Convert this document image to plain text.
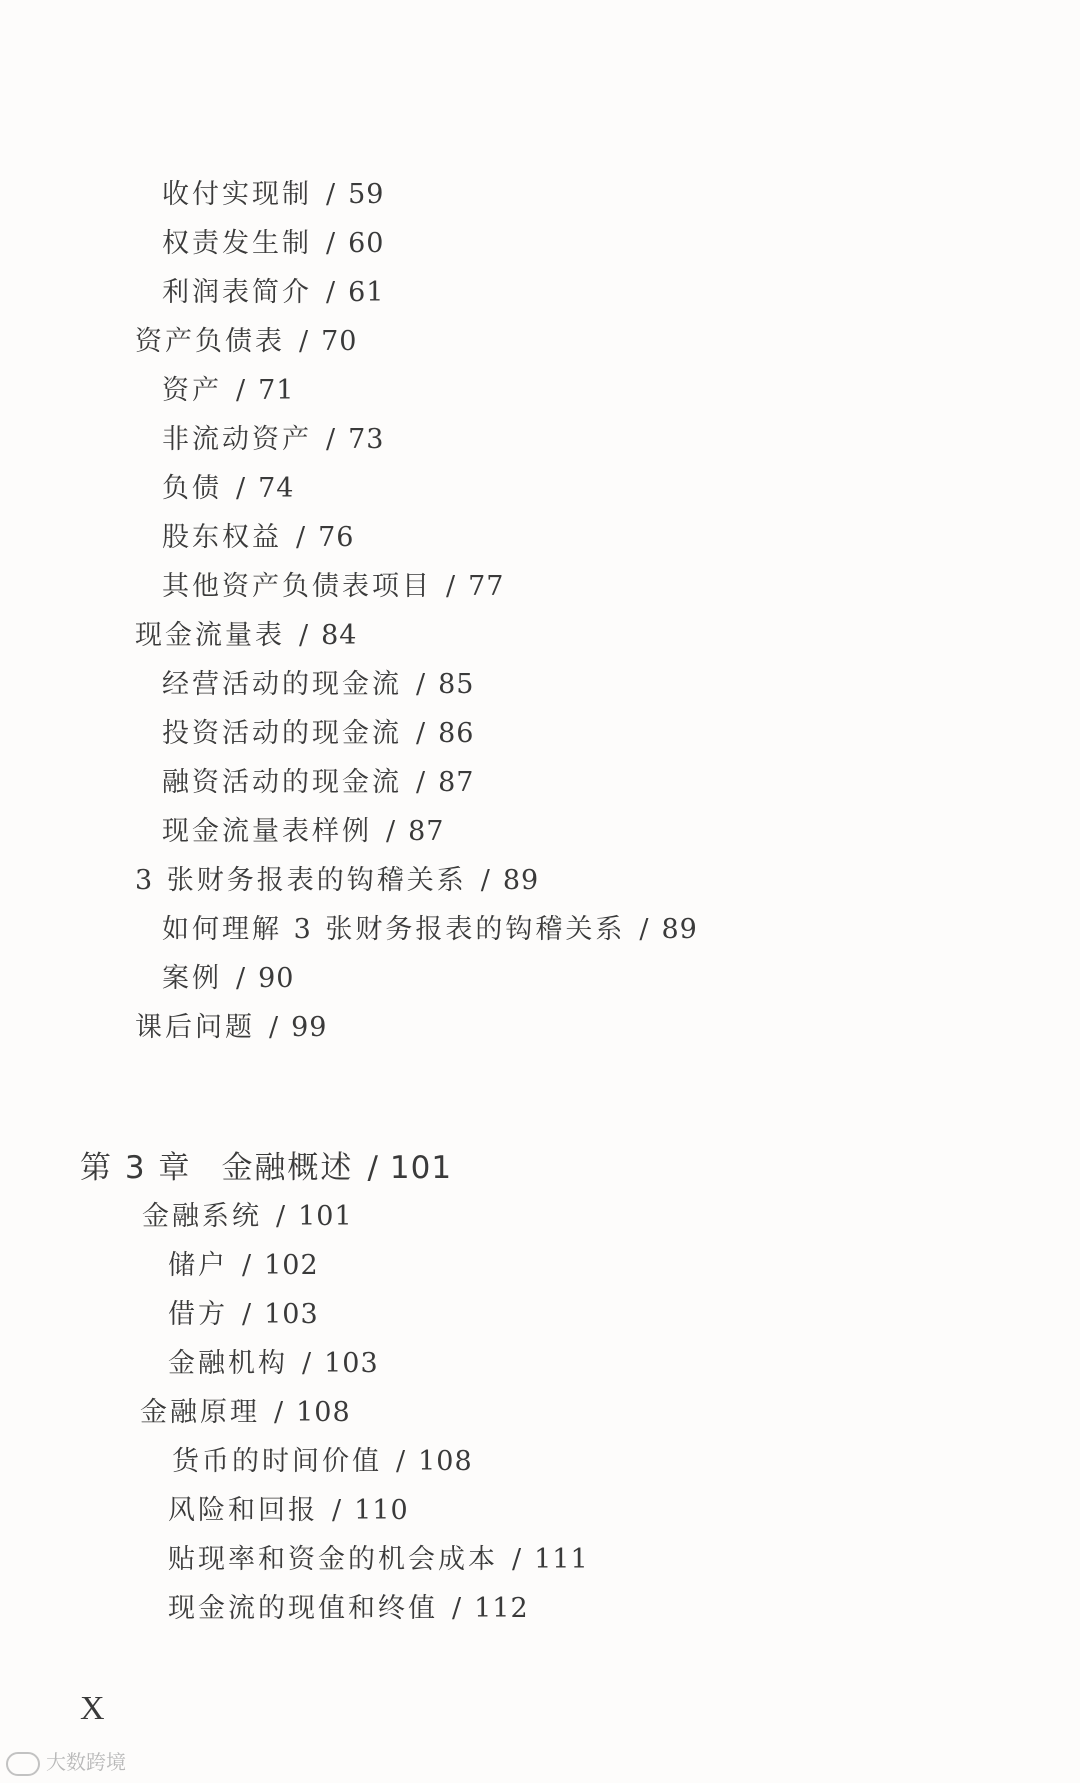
收付实现制 / 59
权责发生制 / 60
利润表简介 / 61
资产负债表 / 70
资产 / 71
非流动资产 / 73
负债 / 74
股东权益 / 76
其他资产负债表项目 / 77
现金流量表 / 84
经营活动的现金流 / 85
投资活动的现金流 / 86
融资活动的现金流 / 87
现金流量表样例 / 87
3 张财务报表的钩稽关系 / 89
如何理解 3 张财务报表的钩稽关系 / 89
案例 / 90
课后问题 / 99
第 3 章 金融概述 / 101
金融系统 / 101
储户 / 102
借方 / 103
金融机构 / 103
金融原理 / 108
货币的时间价值 / 108
风险和回报 / 110
贴现率和资金的机会成本 / 111
现金流的现值和终值 / 112
X
大数跨境
